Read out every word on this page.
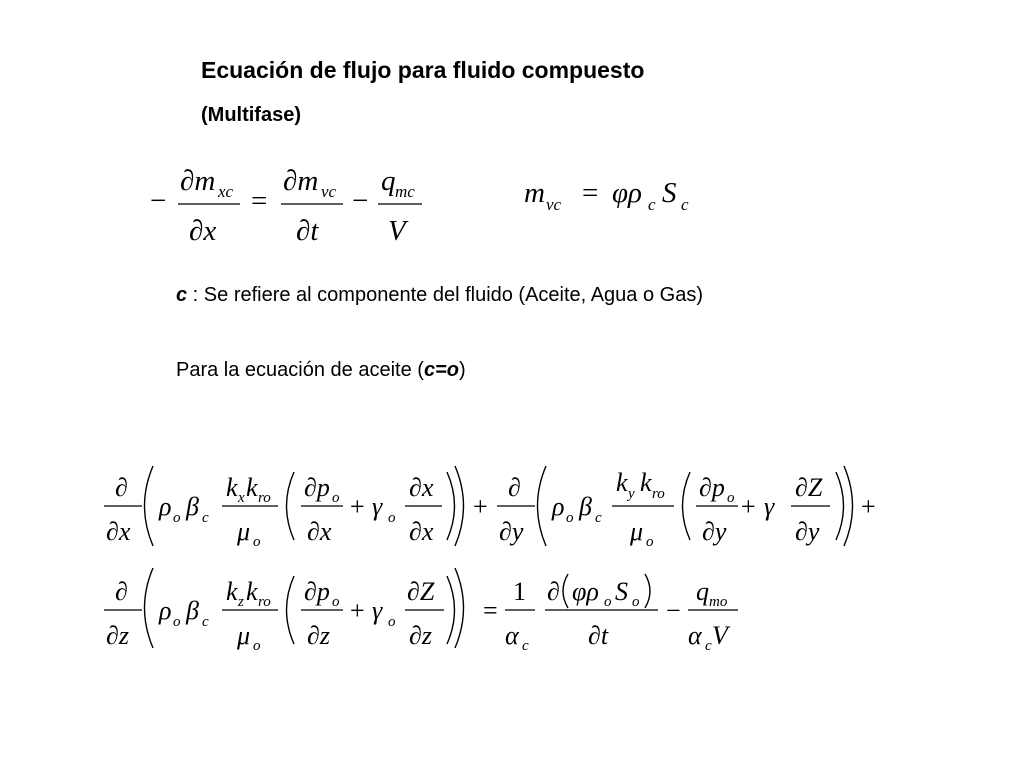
Ecuación de flujo para fluido compuesto

(Multifase)

−
∂m xc
∂x
=
∂m vc
∂t
−
q mc
V
m vc = φρ c S c
∂
∂x
ρ o β c
k x k ro
μ o
∂p o
∂x
+ γ o
∂x
∂x
+
∂
∂y
ρ o β c
k y k ro
μ o
∂p o
∂y
+ γ
∂Z
∂y
+
∂
∂z
ρ o β c
k z k ro
μ o
∂p o
∂z
+ γ o
∂Z
∂z
=
1
α c
∂ φρ o S o
∂t
−
q mo
α c V

c : Se refiere al componente del fluido (Aceite, Agua o Gas)

Para la ecuación de aceite (c=o)
